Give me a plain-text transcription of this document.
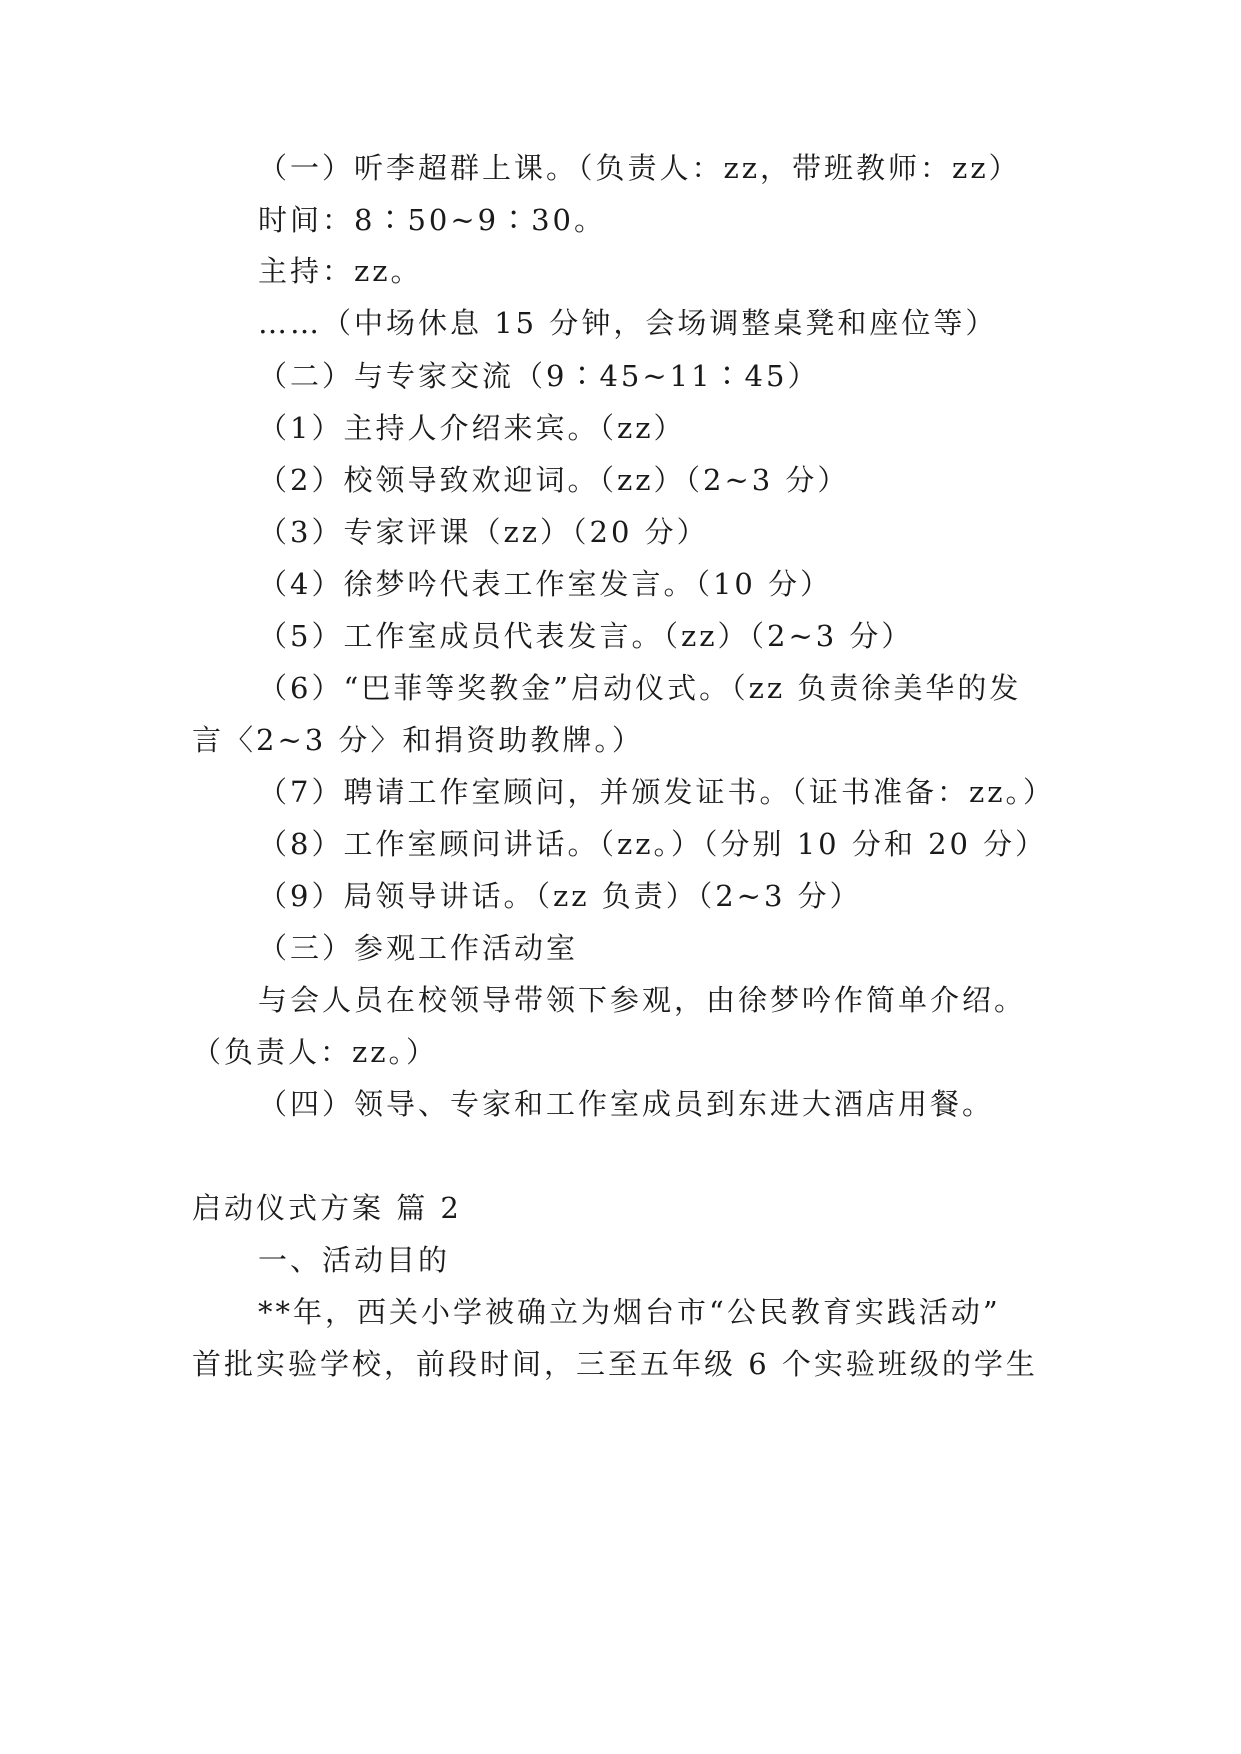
（一）听李超群上课。（负责人：zz，带班教师：zz）
时间：8∶50~9∶30。
主持：zz。
……（中场休息 15 分钟，会场调整桌凳和座位等）
（二）与专家交流（9∶45~11∶45）
（1）主持人介绍来宾。（zz）
（2）校领导致欢迎词。（zz）（2~3 分）
（3）专家评课（zz）（20 分）
（4）徐梦吟代表工作室发言。（10 分）
（5）工作室成员代表发言。（zz）（2~3 分）
（6）“巴菲等奖教金”启动仪式。（zz 负责徐美华的发
言〈2~3 分〉和捐资助教牌。）
（7）聘请工作室顾问，并颁发证书。（证书准备：zz。）
（8）工作室顾问讲话。（zz。）（分别 10 分和 20 分）
（9）局领导讲话。（zz 负责）（2~3 分）
（三）参观工作活动室
与会人员在校领导带领下参观，由徐梦吟作简单介绍。
（负责人：zz。）
（四）领导、专家和工作室成员到东进大酒店用餐。
启动仪式方案 篇 2
一、活动目的
**年，西关小学被确立为烟台市“公民教育实践活动”
首批实验学校，前段时间，三至五年级 6 个实验班级的学生
